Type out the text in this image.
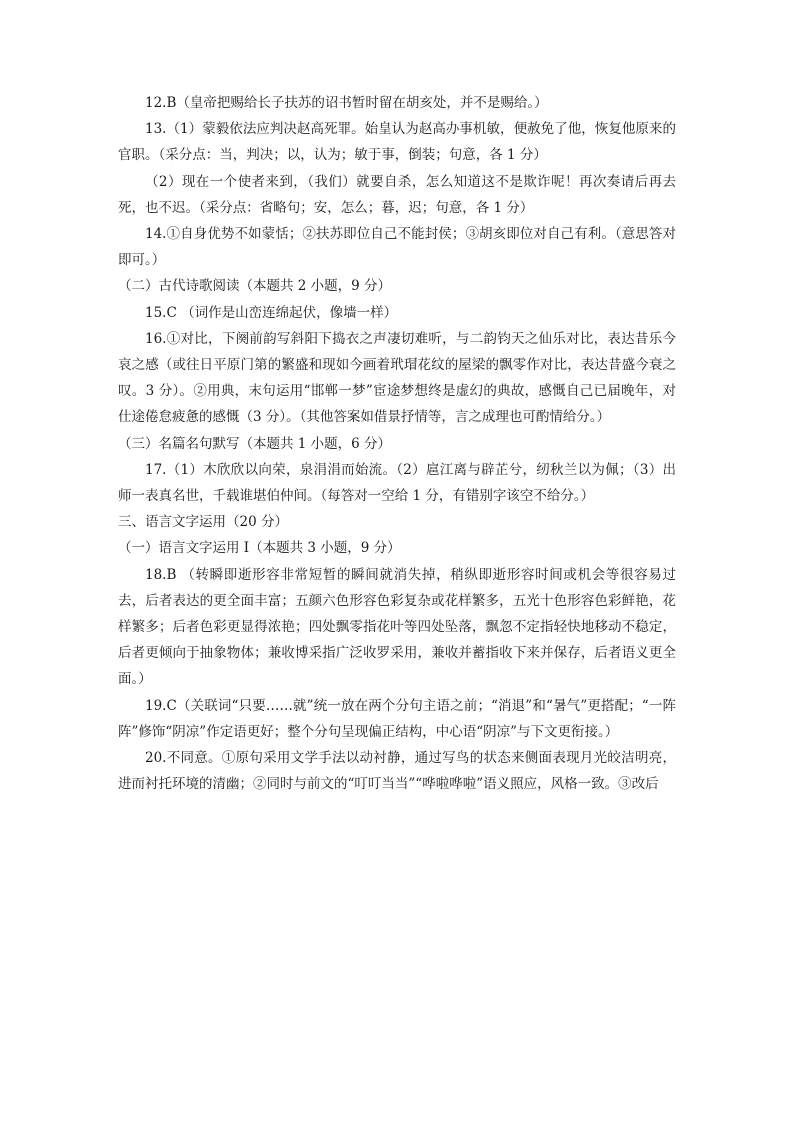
12.B（皇帝把赐给长子扶苏的诏书暂时留在胡亥处，并不是赐给。）

13.（1）蒙毅依法应判决赵高死罪。始皇认为赵高办事机敏，便赦免了他，恢复他原来的官职。（采分点：当，判决；以，认为；敏于事，倒装；句意，各 1 分）

（2）现在一个使者来到，（我们）就要自杀，怎么知道这不是欺诈呢！再次奏请后再去死，也不迟。（采分点：省略句；安，怎么；暮，迟；句意，各 1 分）

14.①自身优势不如蒙恬；②扶苏即位自己不能封侯；③胡亥即位对自己有利。（意思答对即可。）

（二）古代诗歌阅读（本题共 2 小题，9 分）

15.C （词作是山峦连绵起伏，像墙一样）

16.①对比，下阕前韵写斜阳下捣衣之声凄切难听，与二韵钧天之仙乐对比，表达昔乐今哀之感（或往日平原门第的繁盛和现如今画着玳瑁花纹的屋梁的飘零作对比，表达昔盛今衰之叹。3 分）。②用典，末句运用“邯郸一梦”宦途梦想终是虚幻的典故，感慨自己已届晚年，对仕途倦怠疲惫的感慨（3 分）。（其他答案如借景抒情等，言之成理也可酌情给分。）

（三）名篇名句默写（本题共 1 小题，6 分）

17.（1）木欣欣以向荣，泉涓涓而始流。（2）扈江离与辟芷兮，纫秋兰以为佩；（3）出师一表真名世，千载谁堪伯仲间。（每答对一空给 1 分，有错别字该空不给分。）

三、语言文字运用（20 分）

（一）语言文字运用 I（本题共 3 小题，9 分）

18.B （转瞬即逝形容非常短暂的瞬间就消失掉，稍纵即逝形容时间或机会等很容易过去，后者表达的更全面丰富；五颜六色形容色彩复杂或花样繁多，五光十色形容色彩鲜艳，花样繁多；后者色彩更显得浓艳；四处飘零指花叶等四处坠落，飘忽不定指轻快地移动不稳定，后者更倾向于抽象物体；兼收博采指广泛收罗采用，兼收并蓄指收下来并保存，后者语义更全面。）

19.C（关联词“只要……就”统一放在两个分句主语之前；“消退”和“暑气”更搭配；“一阵阵”修饰“阴凉”作定语更好；整个分句呈现偏正结构，中心语“阴凉”与下文更衔接。）

20.不同意。①原句采用文学手法以动衬静，通过写鸟的状态来侧面表现月光皎洁明亮，进而衬托环境的清幽；②同时与前文的“叮叮当当”“哗啦哗啦”语义照应，风格一致。③改后
